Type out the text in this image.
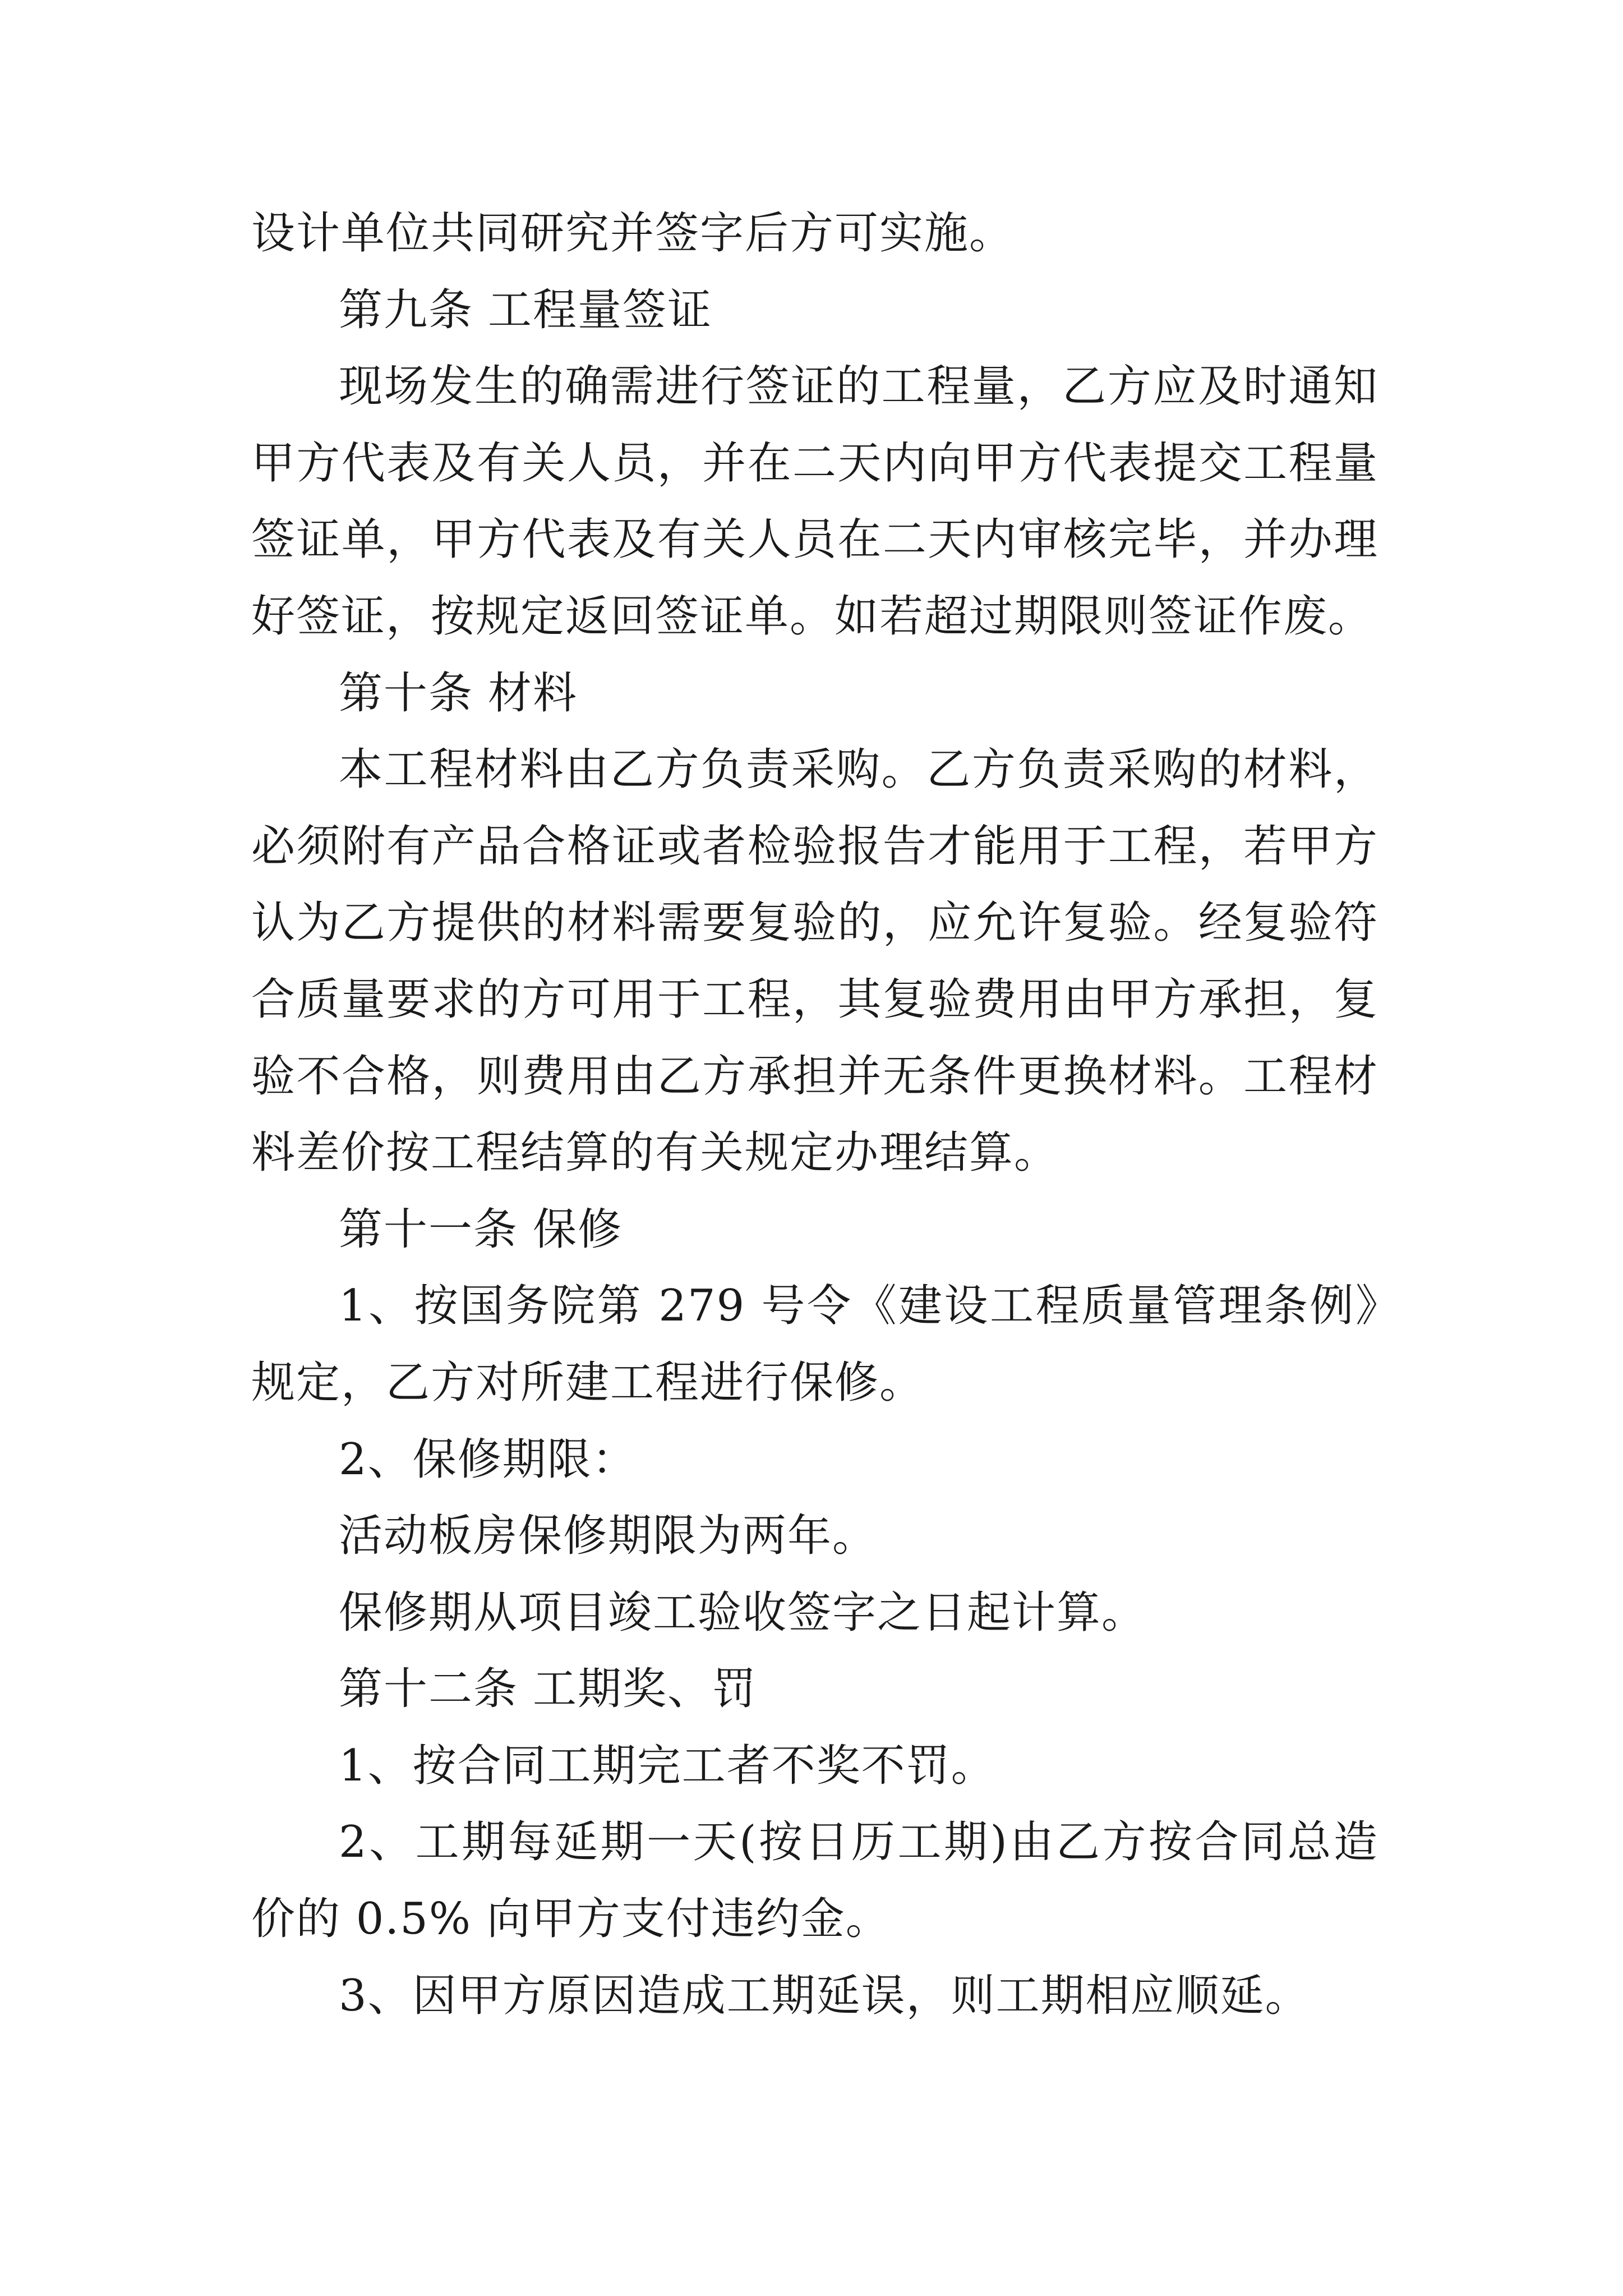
设计单位共同研究并签字后方可实施。

第九条 工程量签证

现场发生的确需进行签证的工程量，乙方应及时通知甲方代表及有关人员，并在二天内向甲方代表提交工程量签证单，甲方代表及有关人员在二天内审核完毕，并办理好签证，按规定返回签证单。如若超过期限则签证作废。

第十条 材料

本工程材料由乙方负责采购。乙方负责采购的材料，必须附有产品合格证或者检验报告才能用于工程，若甲方认为乙方提供的材料需要复验的，应允许复验。经复验符合质量要求的方可用于工程，其复验费用由甲方承担，复验不合格，则费用由乙方承担并无条件更换材料。工程材料差价按工程结算的有关规定办理结算。

第十一条 保修

1、按国务院第 279 号令《建设工程质量管理条例》规定，乙方对所建工程进行保修。

2、保修期限：

活动板房保修期限为两年。

保修期从项目竣工验收签字之日起计算。

第十二条 工期奖、罚

1、按合同工期完工者不奖不罚。

2、工期每延期一天(按日历工期)由乙方按合同总造价的 0.5% 向甲方支付违约金。

3、因甲方原因造成工期延误，则工期相应顺延。
